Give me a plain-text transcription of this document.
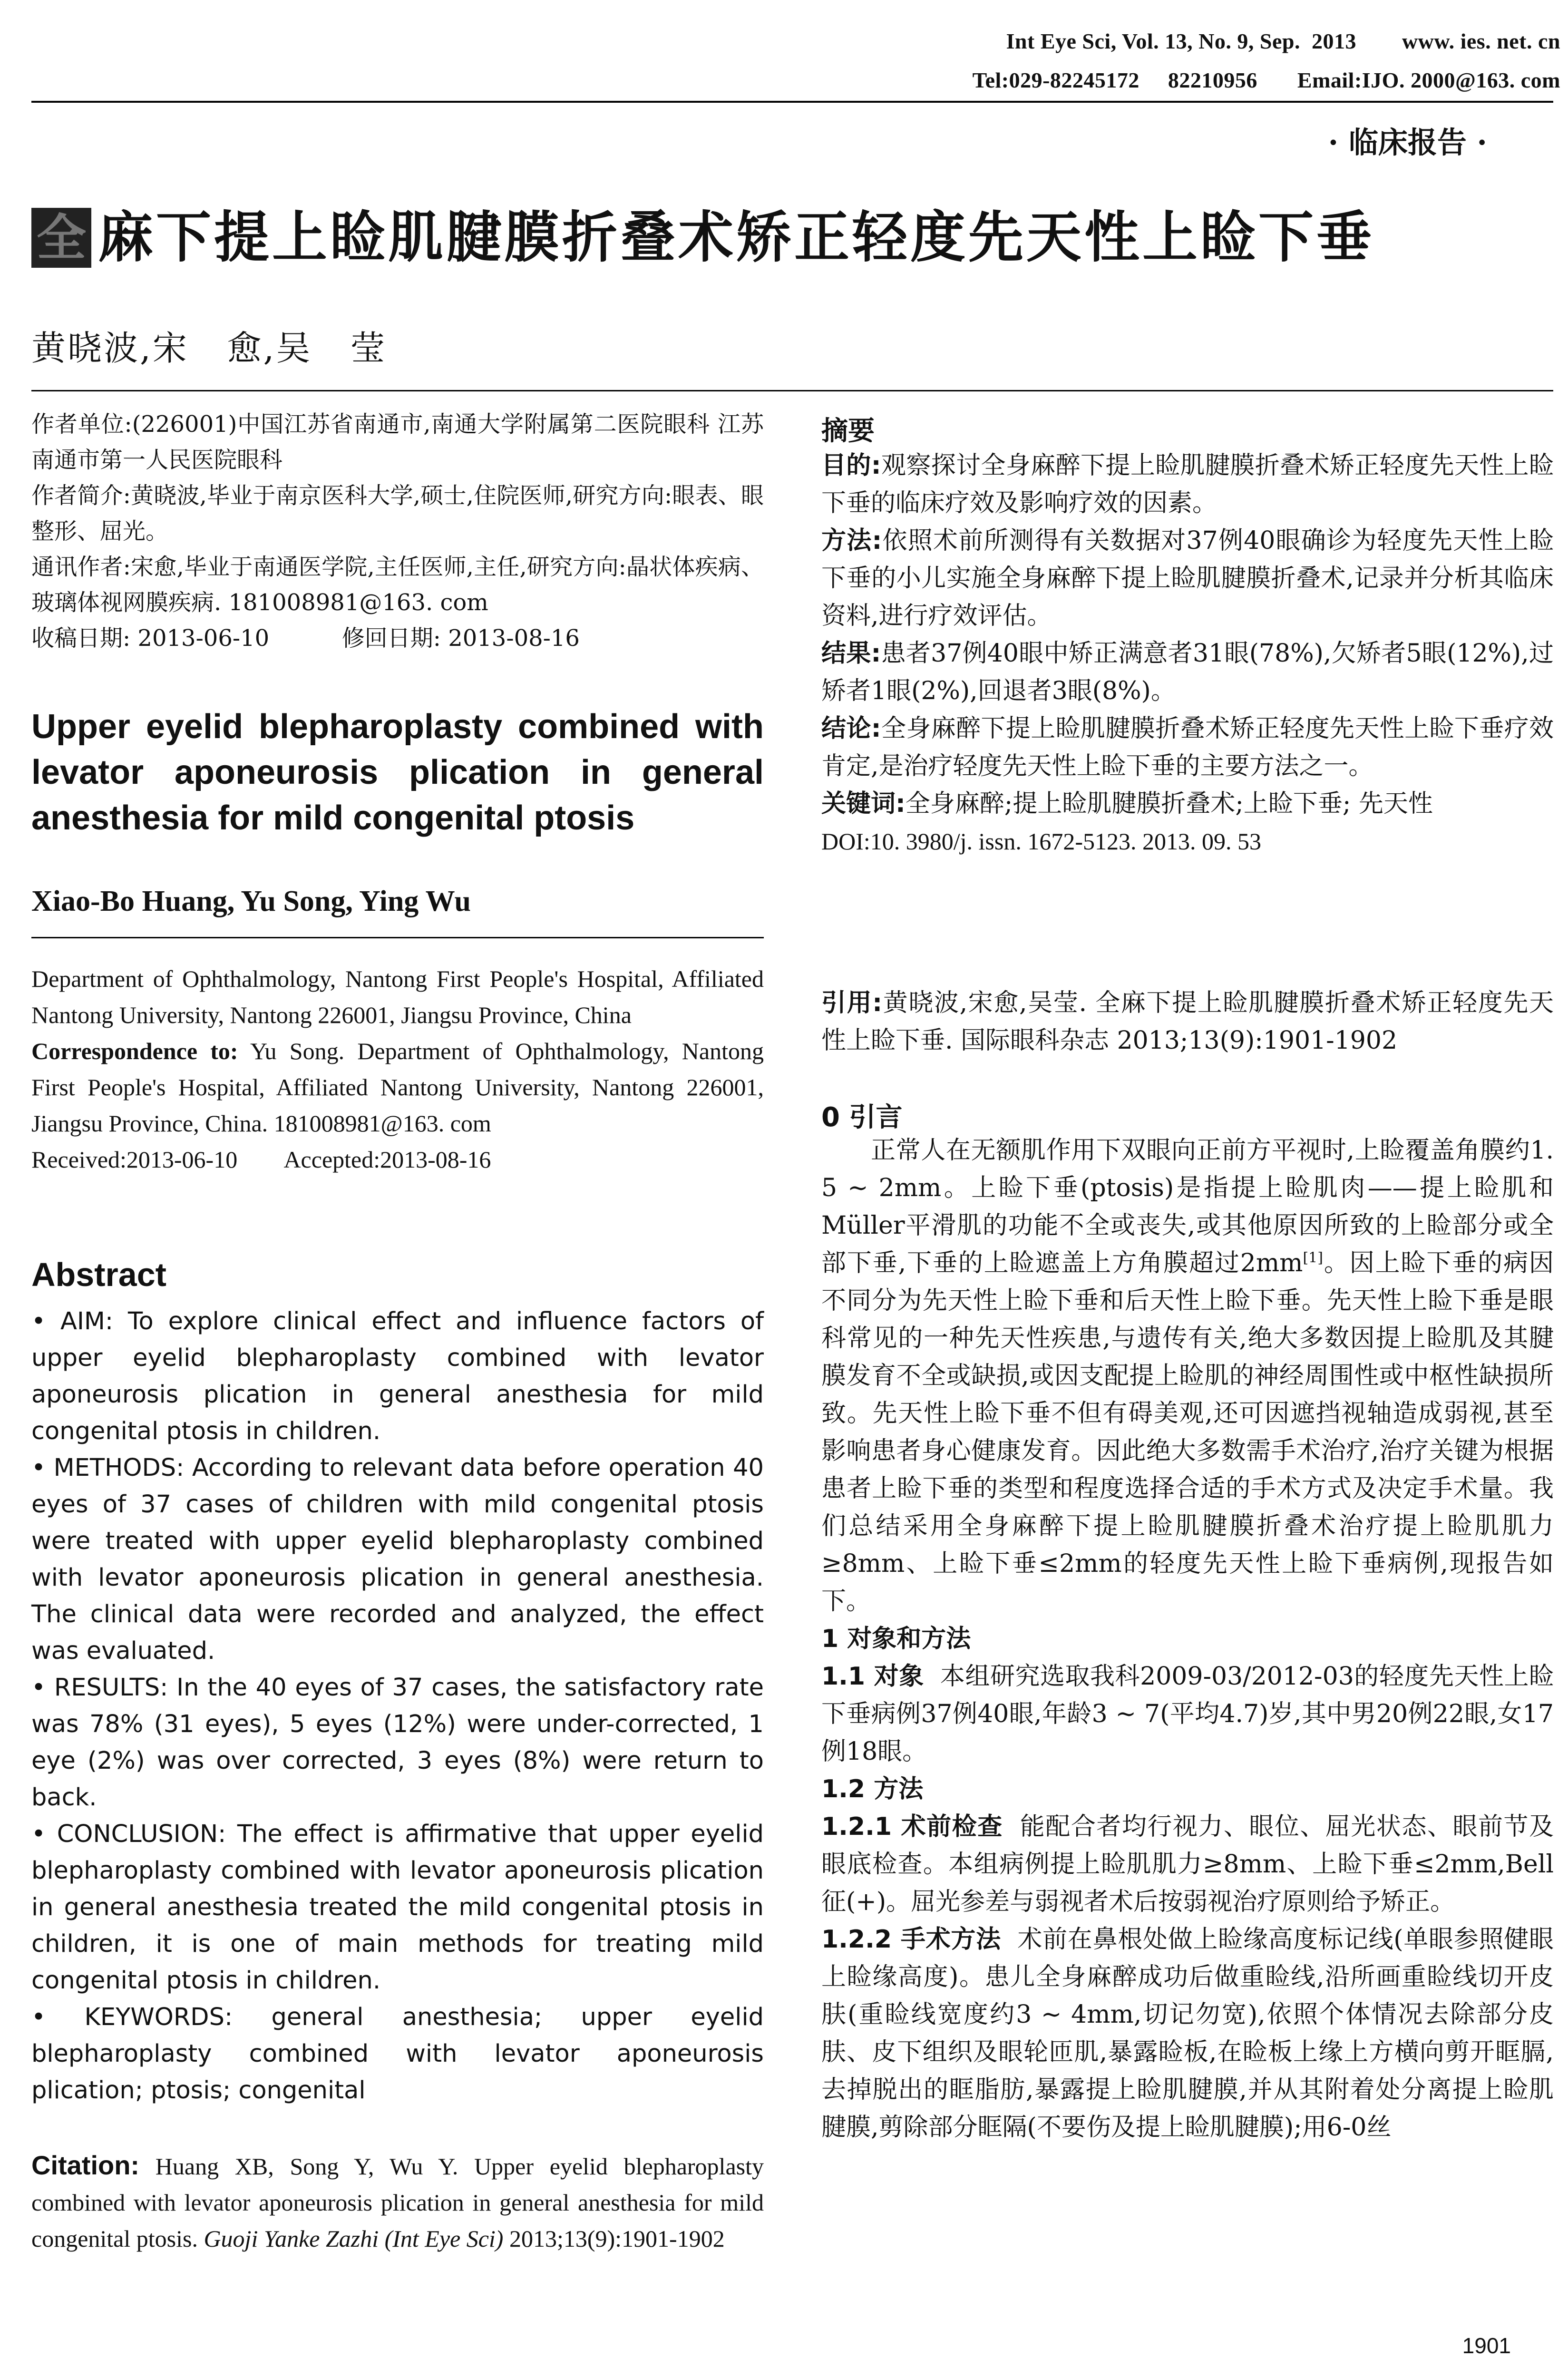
Int Eye Sci, Vol. 13, No. 9, Sep.  2013        www. ies. net. cn
Tel:029-82245172     82210956       Email:IJO. 2000@163. com
· 临床报告 ·
全 麻下提上睑肌腱膜折叠术矫正轻度先天性上睑下垂
黄晓波,宋   愈,吴   莹

作者单位:(226001)中国江苏省南通市,南通大学附属第二医院眼科 江苏南通市第一人民医院眼科

作者简介:黄晓波,毕业于南京医科大学,硕士,住院医师,研究方向:眼表、眼整形、屈光。

通讯作者:宋愈,毕业于南通医学院,主任医师,主任,研究方向:晶状体疾病、玻璃体视网膜疾病. 181008981@163. com

收稿日期: 2013-06-10          修回日期: 2013-08-16

Upper eyelid blepharoplasty combined with levator aponeurosis plication in general anesthesia for mild congenital ptosis
Xiao-Bo Huang, Yu Song, Ying Wu
Department of Ophthalmology, Nantong First People's Hospital, Affiliated Nantong University, Nantong 226001, Jiangsu Province, China
Correspondence to: Yu Song. Department of Ophthalmology, Nantong First People's Hospital, Affiliated Nantong University, Nantong 226001, Jiangsu Province, China. 181008981@163. com
Received:2013-06-10        Accepted:2013-08-16
Abstract

• AIM: To explore clinical effect and influence factors of upper eyelid blepharoplasty combined with levator aponeurosis plication in general anesthesia for mild congenital ptosis in children.

• METHODS: According to relevant data before operation 40 eyes of 37 cases of children with mild congenital ptosis were treated with upper eyelid blepharoplasty combined with levator aponeurosis plication in general anesthesia. The clinical data were recorded and analyzed, the effect was evaluated.

• RESULTS: In the 40 eyes of 37 cases, the satisfactory rate was 78% (31 eyes), 5 eyes (12%) were under-corrected, 1 eye (2%) was over corrected, 3 eyes (8%) were return to back.

• CONCLUSION: The effect is affirmative that upper eyelid blepharoplasty combined with levator aponeurosis plication in general anesthesia treated the mild congenital ptosis in children, it is one of main methods for treating mild congenital ptosis in children.

• KEYWORDS: general anesthesia; upper eyelid blepharoplasty combined with levator aponeurosis plication; ptosis; congenital

Citation: Huang XB, Song Y, Wu Y. Upper eyelid blepharoplasty combined with levator aponeurosis plication in general anesthesia for mild congenital ptosis. Guoji Yanke Zazhi (Int Eye Sci) 2013;13(9):1901-1902
摘要

目的:观察探讨全身麻醉下提上睑肌腱膜折叠术矫正轻度先天性上睑下垂的临床疗效及影响疗效的因素。

方法:依照术前所测得有关数据对37例40眼确诊为轻度先天性上睑下垂的小儿实施全身麻醉下提上睑肌腱膜折叠术,记录并分析其临床资料,进行疗效评估。

结果:患者37例40眼中矫正满意者31眼(78%),欠矫者5眼(12%),过矫者1眼(2%),回退者3眼(8%)。

结论:全身麻醉下提上睑肌腱膜折叠术矫正轻度先天性上睑下垂疗效肯定,是治疗轻度先天性上睑下垂的主要方法之一。

关键词:全身麻醉;提上睑肌腱膜折叠术;上睑下垂; 先天性

DOI:10. 3980/j. issn. 1672-5123. 2013. 09. 53

引用:黄晓波,宋愈,吴莹. 全麻下提上睑肌腱膜折叠术矫正轻度先天性上睑下垂. 国际眼科杂志 2013;13(9):1901-1902
0 引言

正常人在无额肌作用下双眼向正前方平视时,上睑覆盖角膜约1. 5 ~ 2mm。上睑下垂(ptosis)是指提上睑肌肉——提上睑肌和Müller平滑肌的功能不全或丧失,或其他原因所致的上睑部分或全部下垂,下垂的上睑遮盖上方角膜超过2mm[1]。因上睑下垂的病因不同分为先天性上睑下垂和后天性上睑下垂。先天性上睑下垂是眼科常见的一种先天性疾患,与遗传有关,绝大多数因提上睑肌及其腱膜发育不全或缺损,或因支配提上睑肌的神经周围性或中枢性缺损所致。先天性上睑下垂不但有碍美观,还可因遮挡视轴造成弱视,甚至影响患者身心健康发育。因此绝大多数需手术治疗,治疗关键为根据患者上睑下垂的类型和程度选择合适的手术方式及决定手术量。我们总结采用全身麻醉下提上睑肌腱膜折叠术治疗提上睑肌肌力≥8mm、上睑下垂≤2mm的轻度先天性上睑下垂病例,现报告如下。

1 对象和方法

1.1 对象  本组研究选取我科2009-03/2012-03的轻度先天性上睑下垂病例37例40眼,年龄3 ~ 7(平均4.7)岁,其中男20例22眼,女17例18眼。

1.2 方法

1.2.1 术前检查  能配合者均行视力、眼位、屈光状态、眼前节及眼底检查。本组病例提上睑肌肌力≥8mm、上睑下垂≤2mm,Bell征(+)。屈光参差与弱视者术后按弱视治疗原则给予矫正。

1.2.2 手术方法  术前在鼻根处做上睑缘高度标记线(单眼参照健眼上睑缘高度)。患儿全身麻醉成功后做重睑线,沿所画重睑线切开皮肤(重睑线宽度约3 ~ 4mm,切记勿宽),依照个体情况去除部分皮肤、皮下组织及眼轮匝肌,暴露睑板,在睑板上缘上方横向剪开眶膈,去掉脱出的眶脂肪,暴露提上睑肌腱膜,并从其附着处分离提上睑肌腱膜,剪除部分眶隔(不要伤及提上睑肌腱膜);用6-0丝

1901
